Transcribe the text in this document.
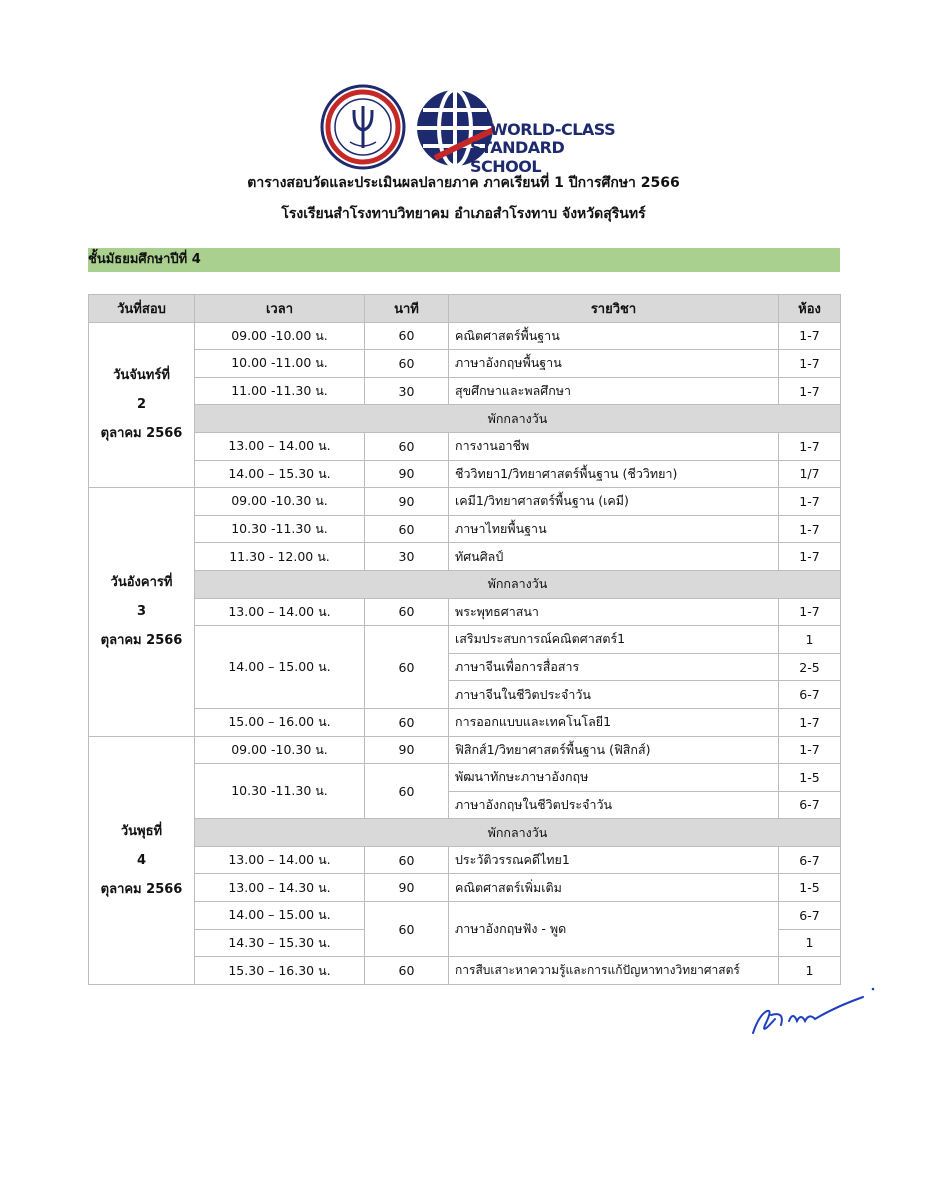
WORLD-CLASS
STANDARD SCHOOL
ตารางสอบวัดและประเมินผลปลายภาค ภาคเรียนที่ 1 ปีการศึกษา 2566
โรงเรียนสำโรงทาบวิทยาคม อำเภอสำโรงทาบ จังหวัดสุรินทร์
ชั้นมัธยมศึกษาปีที่ 4
วันที่สอบ	เวลา	นาที	รายวิชา	ห้อง

วันจันทร์ที่
2
ตุลาคม 2566	09.00 -10.00 น.	60	คณิตศาสตร์พื้นฐาน	1-7
	10.00 -11.00 น.	60	ภาษาอังกฤษพื้นฐาน	1-7
	11.00 -11.30 น.	30	สุขศึกษาและพลศึกษา	1-7
	พักกลางวัน			
	13.00 – 14.00 น.	60	การงานอาชีพ	1-7
	14.00 – 15.30 น.	90	ชีววิทยา1/วิทยาศาสตร์พื้นฐาน (ชีววิทยา)	1/7

วันอังคารที่
3
ตุลาคม 2566	09.00 -10.30 น.	90	เคมี1/วิทยาศาสตร์พื้นฐาน (เคมี)	1-7
	10.30 -11.30 น.	60	ภาษาไทยพื้นฐาน	1-7
	11.30 - 12.00 น.	30	ทัศนศิลป์	1-7
	พักกลางวัน			
	13.00 – 14.00 น.	60	พระพุทธศาสนา	1-7
	14.00 – 15.00 น.	60	เสริมประสบการณ์คณิตศาสตร์1	1
			ภาษาจีนเพื่อการสื่อสาร	2-5
			ภาษาจีนในชีวิตประจำวัน	6-7
	15.00 – 16.00 น.	60	การออกแบบและเทคโนโลยี1	1-7

วันพุธที่
4
ตุลาคม 2566	09.00 -10.30 น.	90	ฟิสิกส์1/วิทยาศาสตร์พื้นฐาน (ฟิสิกส์)	1-7
	10.30 -11.30 น.	60	พัฒนาทักษะภาษาอังกฤษ	1-5
			ภาษาอังกฤษในชีวิตประจำวัน	6-7
	พักกลางวัน			
	13.00 – 14.00 น.	60	ประวัติวรรณคดีไทย1	6-7
	13.00 – 14.30 น.	90	คณิตศาสตร์เพิ่มเติม	1-5
	14.00 – 15.00 น.	60	ภาษาอังกฤษฟัง - พูด	6-7
	14.30 – 15.30 น.			1
	15.30 – 16.30 น.	60	การสืบเสาะหาความรู้และการแก้ปัญหาทางวิทยาศาสตร์	1
